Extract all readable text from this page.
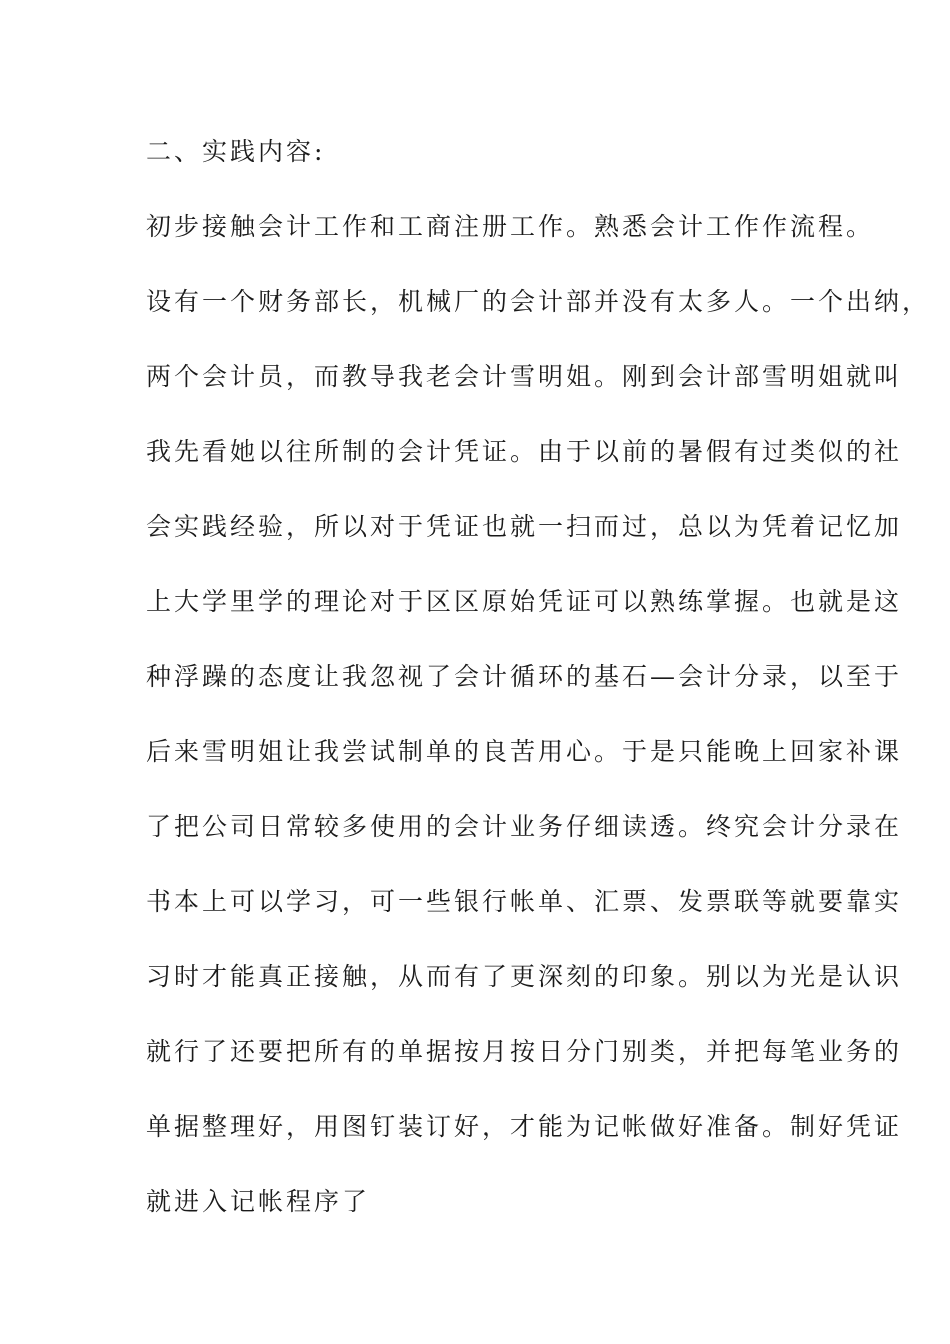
二、实践内容:
初步接触会计工作和工商注册工作。熟悉会计工作作流程。
设有一个财务部长，机械厂的会计部并没有太多人。一个出纳，
两个会计员，而教导我老会计雪明姐。刚到会计部雪明姐就叫
我先看她以往所制的会计凭证。由于以前的暑假有过类似的社
会实践经验，所以对于凭证也就一扫而过，总以为凭着记忆加
上大学里学的理论对于区区原始凭证可以熟练掌握。也就是这
种浮躁的态度让我忽视了会计循环的基石—会计分录，以至于
后来雪明姐让我尝试制单的良苦用心。于是只能晚上回家补课
了把公司日常较多使用的会计业务仔细读透。终究会计分录在
书本上可以学习，可一些银行帐单、汇票、发票联等就要靠实
习时才能真正接触，从而有了更深刻的印象。别以为光是认识
就行了还要把所有的单据按月按日分门别类，并把每笔业务的
单据整理好，用图钉装订好，才能为记帐做好准备。制好凭证
就进入记帐程序了
